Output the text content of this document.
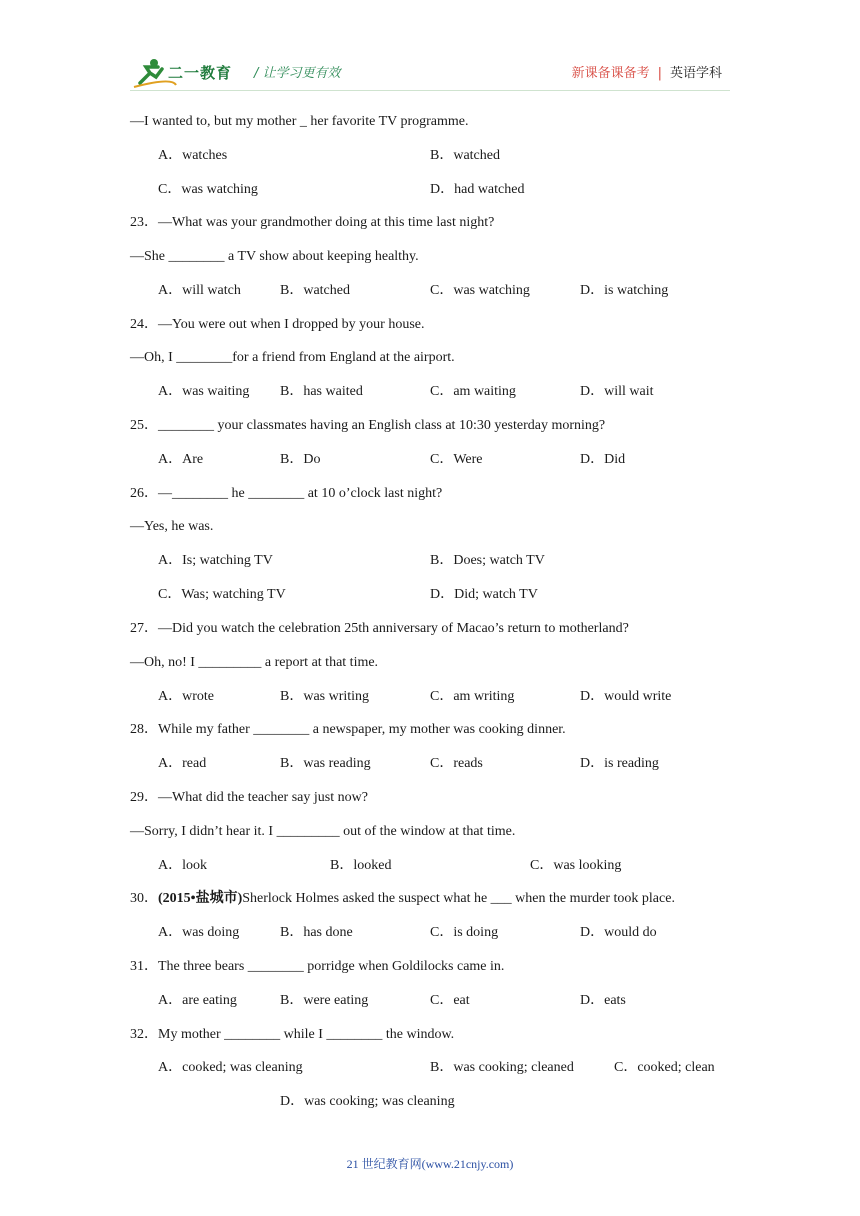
二一教育 / 让学习更有效	新课备课备考 | 英语学科
—I wanted to, but my mother _ her favorite TV programme.
A．watches	B．watched
C．was watching	D．had watched
23．—What was your grandmother doing at this time last night?
—She ________ a TV show about keeping healthy.
A．will watch	B．watched	C．was watching	D．is watching
24．—You were out when I dropped by your house.
—Oh, I ________for a friend from England at the airport.
A．was waiting B．has waited	C．am waiting	D．will wait
25．________ your classmates having an English class at 10:30 yesterday morning?
A．Are	B．Do	C．Were	D．Did
26．—________ he ________ at 10 o’clock last night?
—Yes, he was.
A．Is; watching TV	B．Does; watch TV
C．Was; watching TV	D．Did; watch TV
27．—Did you watch the celebration 25th anniversary of Macao’s return to motherland?
—Oh, no! I _________ a report at that time.
A．wrote	B．was writing	C．am writing	D．would write
28．While my father ________ a newspaper, my mother was cooking dinner.
A．read	B．was reading	C．reads	D．is reading
29．—What did the teacher say just now?
—Sorry, I didn’t hear it. I _________ out of the window at that time.
A．look	B．looked	C．was looking
30．(2015•盐城市)Sherlock Holmes asked the suspect what he ___ when the murder took place.
A．was doing	B．has done	C．is doing	D．would do
31．The three bears ________ porridge when Goldilocks came in.
A．are eating	B．were eating	C．eat	D．eats
32．My mother ________ while I ________ the window.
A．cooked; was cleaning	B．was cooking; cleaned	C．cooked; clean
D．was cooking; was cleaning
21 世纪教育网(www.21cnjy.com)
